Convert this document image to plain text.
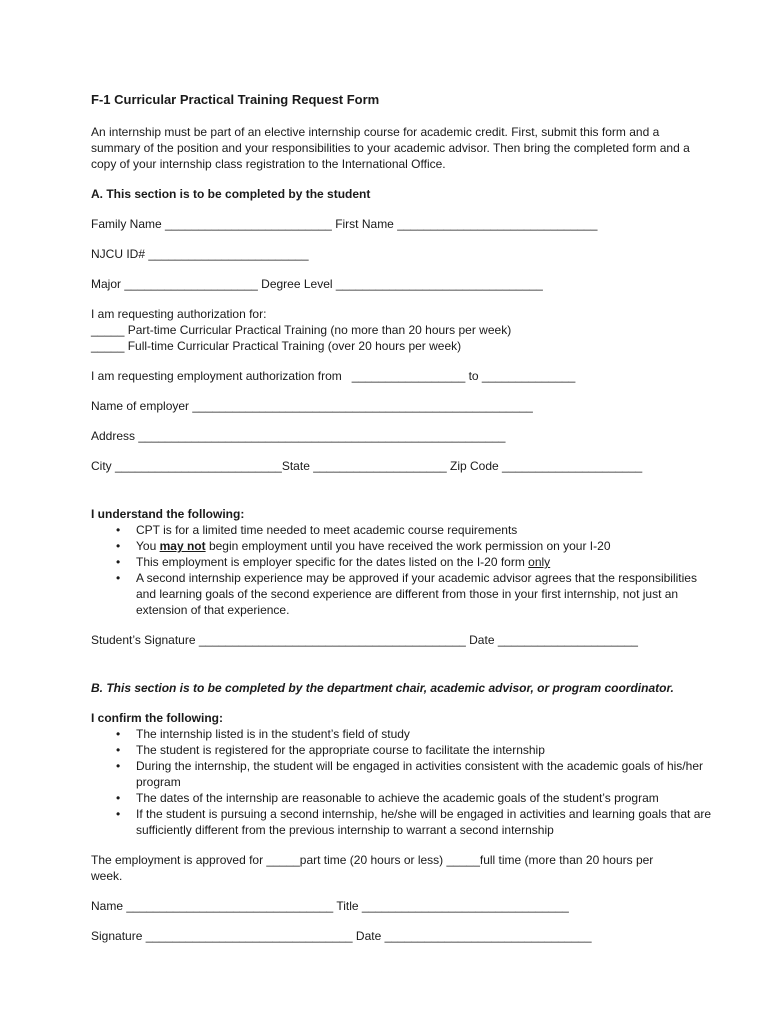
F-1 Curricular Practical Training Request Form
An internship must be part of an elective internship course for academic credit. First, submit this form and a summary of the position and your responsibilities to your academic advisor. Then bring the completed form and a copy of your internship class registration to the International Office.
A. This section is to be completed by the student
Family Name _________________________ First Name ______________________________
NJCU ID# ________________________
Major ____________________ Degree Level _______________________________
I am requesting authorization for:
_____ Part-time Curricular Practical Training (no more than 20 hours per week)
_____ Full-time Curricular Practical Training (over 20 hours per week)
I am requesting employment authorization from   _________________ to ______________
Name of employer ___________________________________________________
Address _______________________________________________________
City _________________________State ____________________ Zip Code _____________________
I understand the following:
• CPT is for a limited time needed to meet academic course requirements
• You may not begin employment until you have received the work permission on your I-20
• This employment is employer specific for the dates listed on the I-20 form only
• A second internship experience may be approved if your academic advisor agrees that the responsibilities and learning goals of the second experience are different from those in your first internship, not just an extension of that experience.
Student’s Signature ________________________________________ Date _____________________
B. This section is to be completed by the department chair, academic advisor, or program coordinator.
I confirm the following:
• The internship listed is in the student’s field of study
• The student is registered for the appropriate course to facilitate the internship
• During the internship, the student will be engaged in activities consistent with the academic goals of his/her program
• The dates of the internship are reasonable to achieve the academic goals of the student’s program
• If the student is pursuing a second internship, he/she will be engaged in activities and learning goals that are sufficiently different from the previous internship to warrant a second internship
The employment is approved for _____part time (20 hours or less) _____full time (more than 20 hours per week.
Name _______________________________ Title _______________________________
Signature _______________________________ Date _______________________________
